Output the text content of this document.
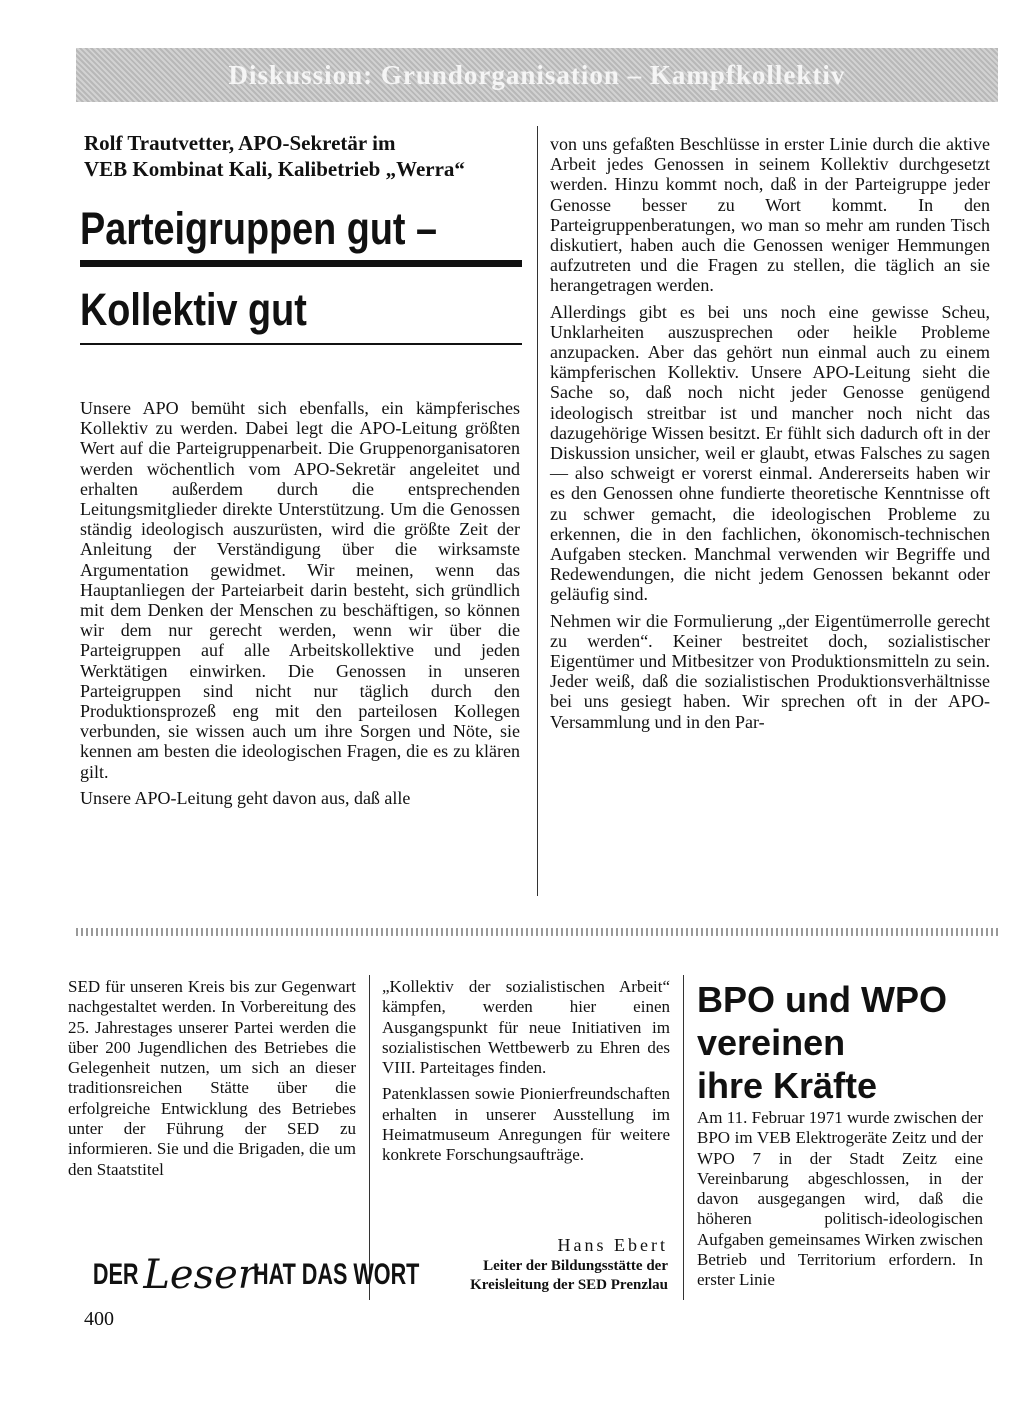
Diskussion: Grundorganisation – Kampfkollektiv
Rolf Trautvetter, APO-Sekretär im
VEB Kombinat Kali, Kalibetrieb „Werra“
Parteigruppen gut –
Kollektiv gut

Unsere APO bemüht sich ebenfalls, ein kämpferisches Kollektiv zu werden. Dabei legt die APO-Leitung größten Wert auf die Parteigruppenarbeit. Die Gruppenorganisatoren werden wöchentlich vom APO-Sekretär angeleitet und erhalten außerdem durch die entsprechenden Leitungsmitglieder direkte Unterstützung. Um die Genossen ständig ideologisch auszurüsten, wird die größte Zeit der Anleitung der Verständigung über die wirksamste Argumentation gewidmet. Wir meinen, wenn das Hauptanliegen der Parteiarbeit darin besteht, sich gründlich mit dem Denken der Menschen zu beschäftigen, so können wir dem nur gerecht werden, wenn wir über die Parteigruppen auf alle Arbeitskollektive und jeden Werktätigen einwirken. Die Genossen in unseren Parteigruppen sind nicht nur täglich durch den Produktionsprozeß eng mit den parteilosen Kollegen verbunden, sie wissen auch um ihre Sorgen und Nöte, sie kennen am besten die ideologischen Fragen, die es zu klären gilt.

Unsere APO-Leitung geht davon aus, daß alle

von uns gefaßten Beschlüsse in erster Linie durch die aktive Arbeit jedes Genossen in seinem Kollektiv durchgesetzt werden. Hinzu kommt noch, daß in der Parteigruppe jeder Genosse besser zu Wort kommt. In den Parteigruppenberatungen, wo man so mehr am runden Tisch diskutiert, haben auch die Genossen weniger Hemmungen aufzutreten und die Fragen zu stellen, die täglich an sie herangetragen werden.

Allerdings gibt es bei uns noch eine gewisse Scheu, Unklarheiten auszusprechen oder heikle Probleme anzupacken. Aber das gehört nun einmal auch zu einem kämpferischen Kollektiv. Unsere APO-Leitung sieht die Sache so, daß noch nicht jeder Genosse genügend ideologisch streitbar ist und mancher noch nicht das dazugehörige Wissen besitzt. Er fühlt sich dadurch oft in der Diskussion unsicher, weil er glaubt, etwas Falsches zu sagen — also schweigt er vorerst einmal. Andererseits haben wir es den Genossen ohne fundierte theoretische Kenntnisse oft zu schwer gemacht, die ideologischen Probleme zu erkennen, die in den fachlichen, ökonomisch-technischen Aufgaben stecken. Manchmal verwenden wir Begriffe und Redewendungen, die nicht jedem Genossen bekannt oder geläufig sind.

Nehmen wir die Formulierung „der Eigentümerrolle gerecht zu werden“. Keiner bestreitet doch, sozialistischer Eigentümer und Mitbesitzer von Produktionsmitteln zu sein. Jeder weiß, daß die sozialistischen Produktionsverhältnisse bei uns gesiegt haben. Wir sprechen oft in der APO-Versammlung und in den Par-

SED für unseren Kreis bis zur Gegenwart nachgestaltet werden. In Vorbereitung des 25. Jahrestages unserer Partei werden die über 200 Jugendlichen des Betriebes die Gelegenheit nutzen, um sich an dieser traditionsreichen Stätte über die erfolgreiche Entwicklung des Betriebes unter der Führung der SED zu informieren. Sie und die Brigaden, die um den Staatstitel

„Kollektiv der sozialistischen Arbeit“ kämpfen, werden hier einen Ausgangspunkt für neue Initiativen im sozialistischen Wettbewerb zu Ehren des VIII. Parteitages finden.

Patenklassen sowie Pionierfreundschaften erhalten in unserer Ausstellung im Heimatmuseum Anregungen für weitere konkrete Forschungsaufträge.

Hans Ebert
Leiter der Bildungsstätte der
Kreisleitung der SED Prenzlau
DER Leser
HAT DAS WORT
BPO und WPO
vereinen
ihre Kräfte

Am 11. Februar 1971 wurde zwischen der BPO im VEB Elektrogeräte Zeitz und der WPO 7 in der Stadt Zeitz eine Vereinbarung abgeschlossen, in der davon ausgegangen wird, daß die höheren politisch-ideologischen Aufgaben gemeinsames Wirken zwischen Betrieb und Territorium erfordern. In erster Linie

400
